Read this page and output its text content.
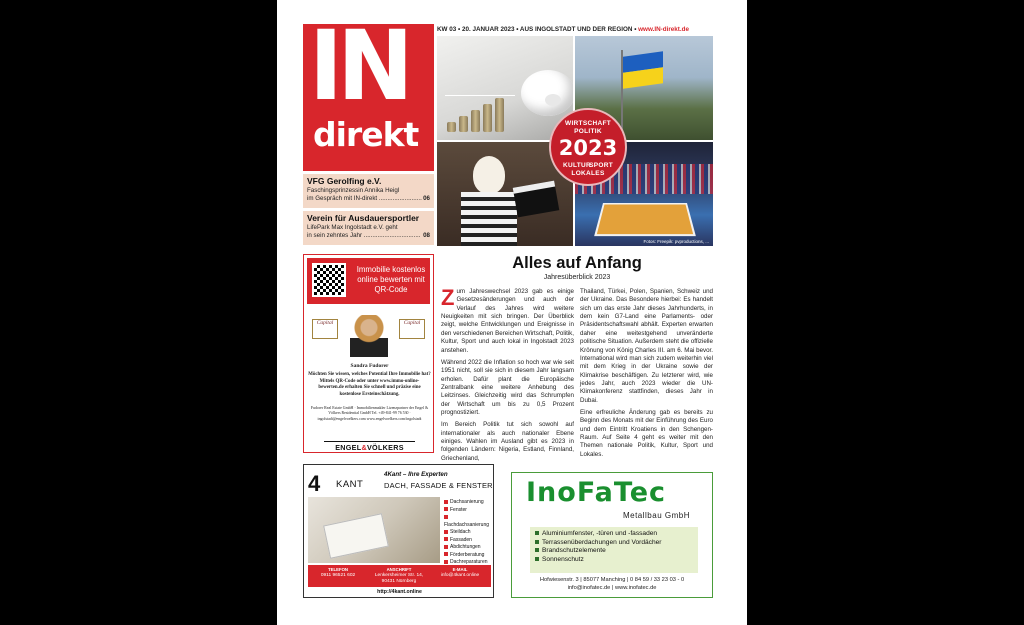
IN
direkt
KW 03 • 20. JANUAR 2023 • AUS INGOLSTADT UND DER REGION • www.IN-direkt.de
Fotos: Freepik: pvproductions, ...
WIRTSCHAFT
POLITIK
2023
KULTUR
SPORT
LOKALES
VFG Gerolfing e.V.
Faschingsprinzessin Annika Heigl
im Gespräch mit IN-direkt ......................... 06
Verein für Ausdauersportler
LifePark Max Ingolstadt e.V. geht
in sein zehntes Jahr ................................. 08
Immobilie kostenlos online bewerten mit QR-Code
Capital	Capital
Sandra Fudorer
Möchten Sie wissen, welches Potential Ihre Immobilie hat? Mittels QR-Code oder unter www.immo-online-bewerten.de erhalten Sie schnell und präzise eine kostenlose Ersteinschätzung.
Fudorer Real Estate GmbH · Immobilienmakler Lizenzpartner der Engel & Völkers Residential GmbH Tel. +49-841-99 76 530 · ingolstadt@engelvoelkers.com www.engelvoelkers.com/ingolstadt
ENGEL&VÖLKERS
Alles auf Anfang
Jahresüberblick 2023

Zum Jahreswechsel 2023 gab es einige Gesetzesänderungen und auch der Verlauf des Jahres wird weitere Neuigkeiten mit sich bringen. Der Überblick zeigt, welche Entwicklungen und Ereignisse in den verschiedenen Bereichen Wirtschaft, Politik, Kultur, Sport und auch lokal in Ingolstadt 2023 anstehen.

Während 2022 die Inflation so hoch war wie seit 1951 nicht, soll sie sich in diesem Jahr langsam erholen. Dafür plant die Europäische Zentralbank eine weitere Anhebung des Leitzinses. Gleichzeitig wird das Schrumpfen der Wirtschaft um bis zu 0,5 Prozent prognostiziert.

Im Bereich Politik tut sich sowohl auf internationaler als auch nationaler Ebene einiges. Wahlen im Ausland gibt es 2023 in folgenden Ländern: Nigeria, Estland, Finnland, Griechenland,

Thailand, Türkei, Polen, Spanien, Schweiz und der Ukraine. Das Besondere hierbei: Es handelt sich um das erste Jahr dieses Jahrhunderts, in dem kein G7-Land eine Parlaments- oder Präsidentschaftswahl abhält. Experten erwarten daher eine weitestgehend unveränderte politische Situation. Außerdem steht die offizielle Krönung von König Charles III. am 6. Mai bevor. International wird man sich zudem weiterhin viel mit dem Krieg in der Ukraine sowie der Klimakrise beschäftigen. Zu letzterer wird, wie jedes Jahr, auch 2023 wieder die UN-Klimakonferenz stattfinden, dieses Jahr in Dubai.

Eine erfreuliche Änderung gab es bereits zu Beginn des Monats mit der Einführung des Euro und dem Eintritt Kroatiens in den Schengen-Raum. Auf Seite 4 geht es weiter mit den Themen nationale Politik, Kultur, Sport und Lokales.

4 KANT
4Kant – Ihre Experten
DACH, FASSADE & FENSTER
Dachsanierung
Fenster
Flachdachsanierung
Steildach
Fassaden
Abdichtungen
Förderberatung
Dachreparaturen
TELEFON
0911 96521 602
ANSCHRIFT
Lenkersheimer Str. 14, 90431 Nürnberg
E-MAIL
info@4kant.online
http://4kant.online
InoFaTec
Metallbau GmbH
Aluminiumfenster, -türen und -fassaden
Terrassenüberdachungen und Vordächer
Brandschutzelemente
Sonnenschutz
Hofwiesenstr. 3 | 85077 Manching | 0 84 59 / 33 23 03 - 0
info@inofatec.de | www.inofatec.de
